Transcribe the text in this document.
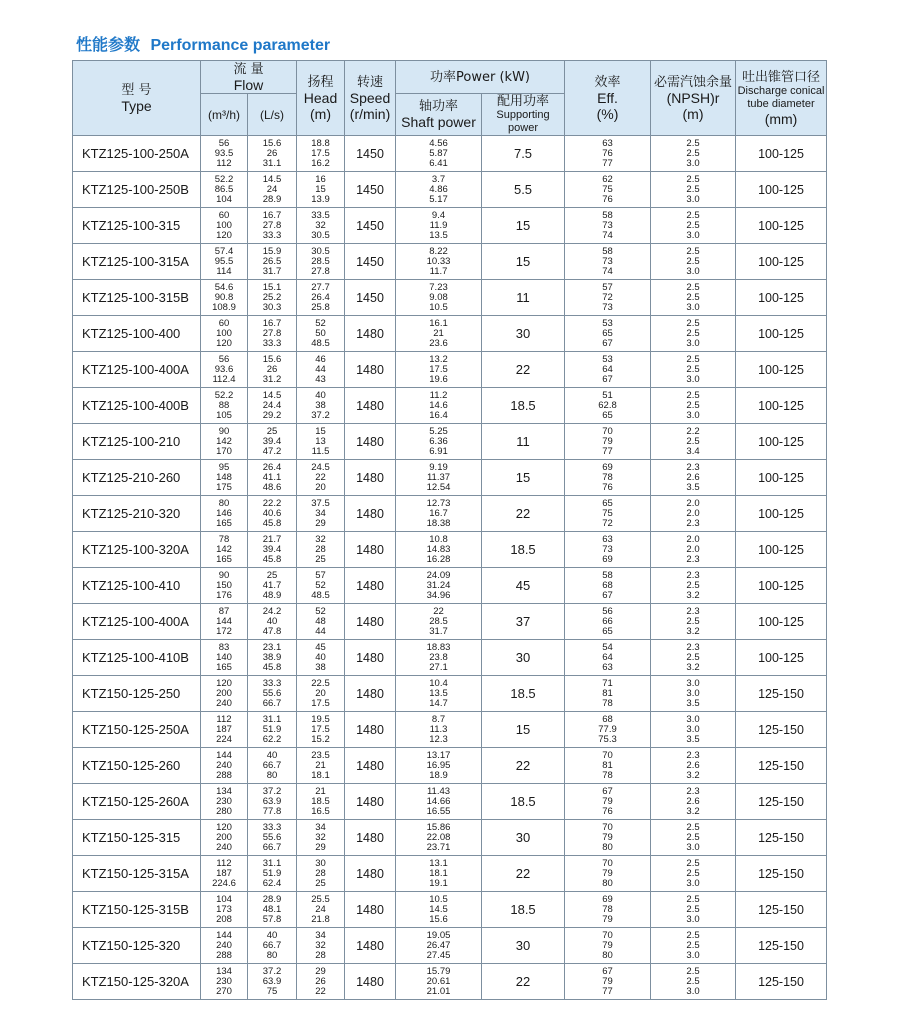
性能参数 Performance parameter
型 号
Type	流 量
Flow		扬程
Head
(m)	转速
Speed
(r/min)	功率Power (kW)		效率
Eff.
(%)	必需汽蚀余量
(NPSH)r
(m)	吐出锥管口径
Discharge conical tube diameter
(mm)

	(m³/h)	(L/s)			轴功率
Shaft power	配用功率
Supporting power			

KTZ125-100-250A	56
93.5
112	15.6
26
31.1	18.8
17.5
16.2	1450	4.56
5.87
6.41	7.5	63
76
77	2.5
2.5
3.0	100-125
KTZ125-100-250B	52.2
86.5
104	14.5
24
28.9	16
15
13.9	1450	3.7
4.86
5.17	5.5	62
75
76	2.5
2.5
3.0	100-125
KTZ125-100-315	60
100
120	16.7
27.8
33.3	33.5
32
30.5	1450	9.4
11.9
13.5	15	58
73
74	2.5
2.5
3.0	100-125
KTZ125-100-315A	57.4
95.5
114	15.9
26.5
31.7	30.5
28.5
27.8	1450	8.22
10.33
11.7	15	58
73
74	2.5
2.5
3.0	100-125
KTZ125-100-315B	54.6
90.8
108.9	15.1
25.2
30.3	27.7
26.4
25.8	1450	7.23
9.08
10.5	11	57
72
73	2.5
2.5
3.0	100-125
KTZ125-100-400	60
100
120	16.7
27.8
33.3	52
50
48.5	1480	16.1
21
23.6	30	53
65
67	2.5
2.5
3.0	100-125
KTZ125-100-400A	56
93.6
112.4	15.6
26
31.2	46
44
43	1480	13.2
17.5
19.6	22	53
64
67	2.5
2.5
3.0	100-125
KTZ125-100-400B	52.2
88
105	14.5
24.4
29.2	40
38
37.2	1480	11.2
14.6
16.4	18.5	51
62.8
65	2.5
2.5
3.0	100-125
KTZ125-100-210	90
142
170	25
39.4
47.2	15
13
11.5	1480	5.25
6.36
6.91	11	70
79
77	2.2
2.5
3.4	100-125
KTZ125-210-260	95
148
175	26.4
41.1
48.6	24.5
22
20	1480	9.19
11.37
12.54	15	69
78
76	2.3
2.6
3.5	100-125
KTZ125-210-320	80
146
165	22.2
40.6
45.8	37.5
34
29	1480	12.73
16.7
18.38	22	65
75
72	2.0
2.0
2.3	100-125
KTZ125-100-320A	78
142
165	21.7
39.4
45.8	32
28
25	1480	10.8
14.83
16.28	18.5	63
73
69	2.0
2.0
2.3	100-125
KTZ125-100-410	90
150
176	25
41.7
48.9	57
52
48.5	1480	24.09
31.24
34.96	45	58
68
67	2.3
2.5
3.2	100-125
KTZ125-100-400A	87
144
172	24.2
40
47.8	52
48
44	1480	22
28.5
31.7	37	56
66
65	2.3
2.5
3.2	100-125
KTZ125-100-410B	83
140
165	23.1
38.9
45.8	45
40
38	1480	18.83
23.8
27.1	30	54
64
63	2.3
2.5
3.2	100-125
KTZ150-125-250	120
200
240	33.3
55.6
66.7	22.5
20
17.5	1480	10.4
13.5
14.7	18.5	71
81
78	3.0
3.0
3.5	125-150
KTZ150-125-250A	112
187
224	31.1
51.9
62.2	19.5
17.5
15.2	1480	8.7
11.3
12.3	15	68
77.9
75.3	3.0
3.0
3.5	125-150
KTZ150-125-260	144
240
288	40
66.7
80	23.5
21
18.1	1480	13.17
16.95
18.9	22	70
81
78	2.3
2.6
3.2	125-150
KTZ150-125-260A	134
230
280	37.2
63.9
77.8	21
18.5
16.5	1480	11.43
14.66
16.55	18.5	67
79
76	2.3
2.6
3.2	125-150
KTZ150-125-315	120
200
240	33.3
55.6
66.7	34
32
29	1480	15.86
22.08
23.71	30	70
79
80	2.5
2.5
3.0	125-150
KTZ150-125-315A	112
187
224.6	31.1
51.9
62.4	30
28
25	1480	13.1
18.1
19.1	22	70
79
80	2.5
2.5
3.0	125-150
KTZ150-125-315B	104
173
208	28.9
48.1
57.8	25.5
24
21.8	1480	10.5
14.5
15.6	18.5	69
78
79	2.5
2.5
3.0	125-150
KTZ150-125-320	144
240
288	40
66.7
80	34
32
28	1480	19.05
26.47
27.45	30	70
79
80	2.5
2.5
3.0	125-150
KTZ150-125-320A	134
230
270	37.2
63.9
75	29
26
22	1480	15.79
20.61
21.01	22	67
79
77	2.5
2.5
3.0	125-150
